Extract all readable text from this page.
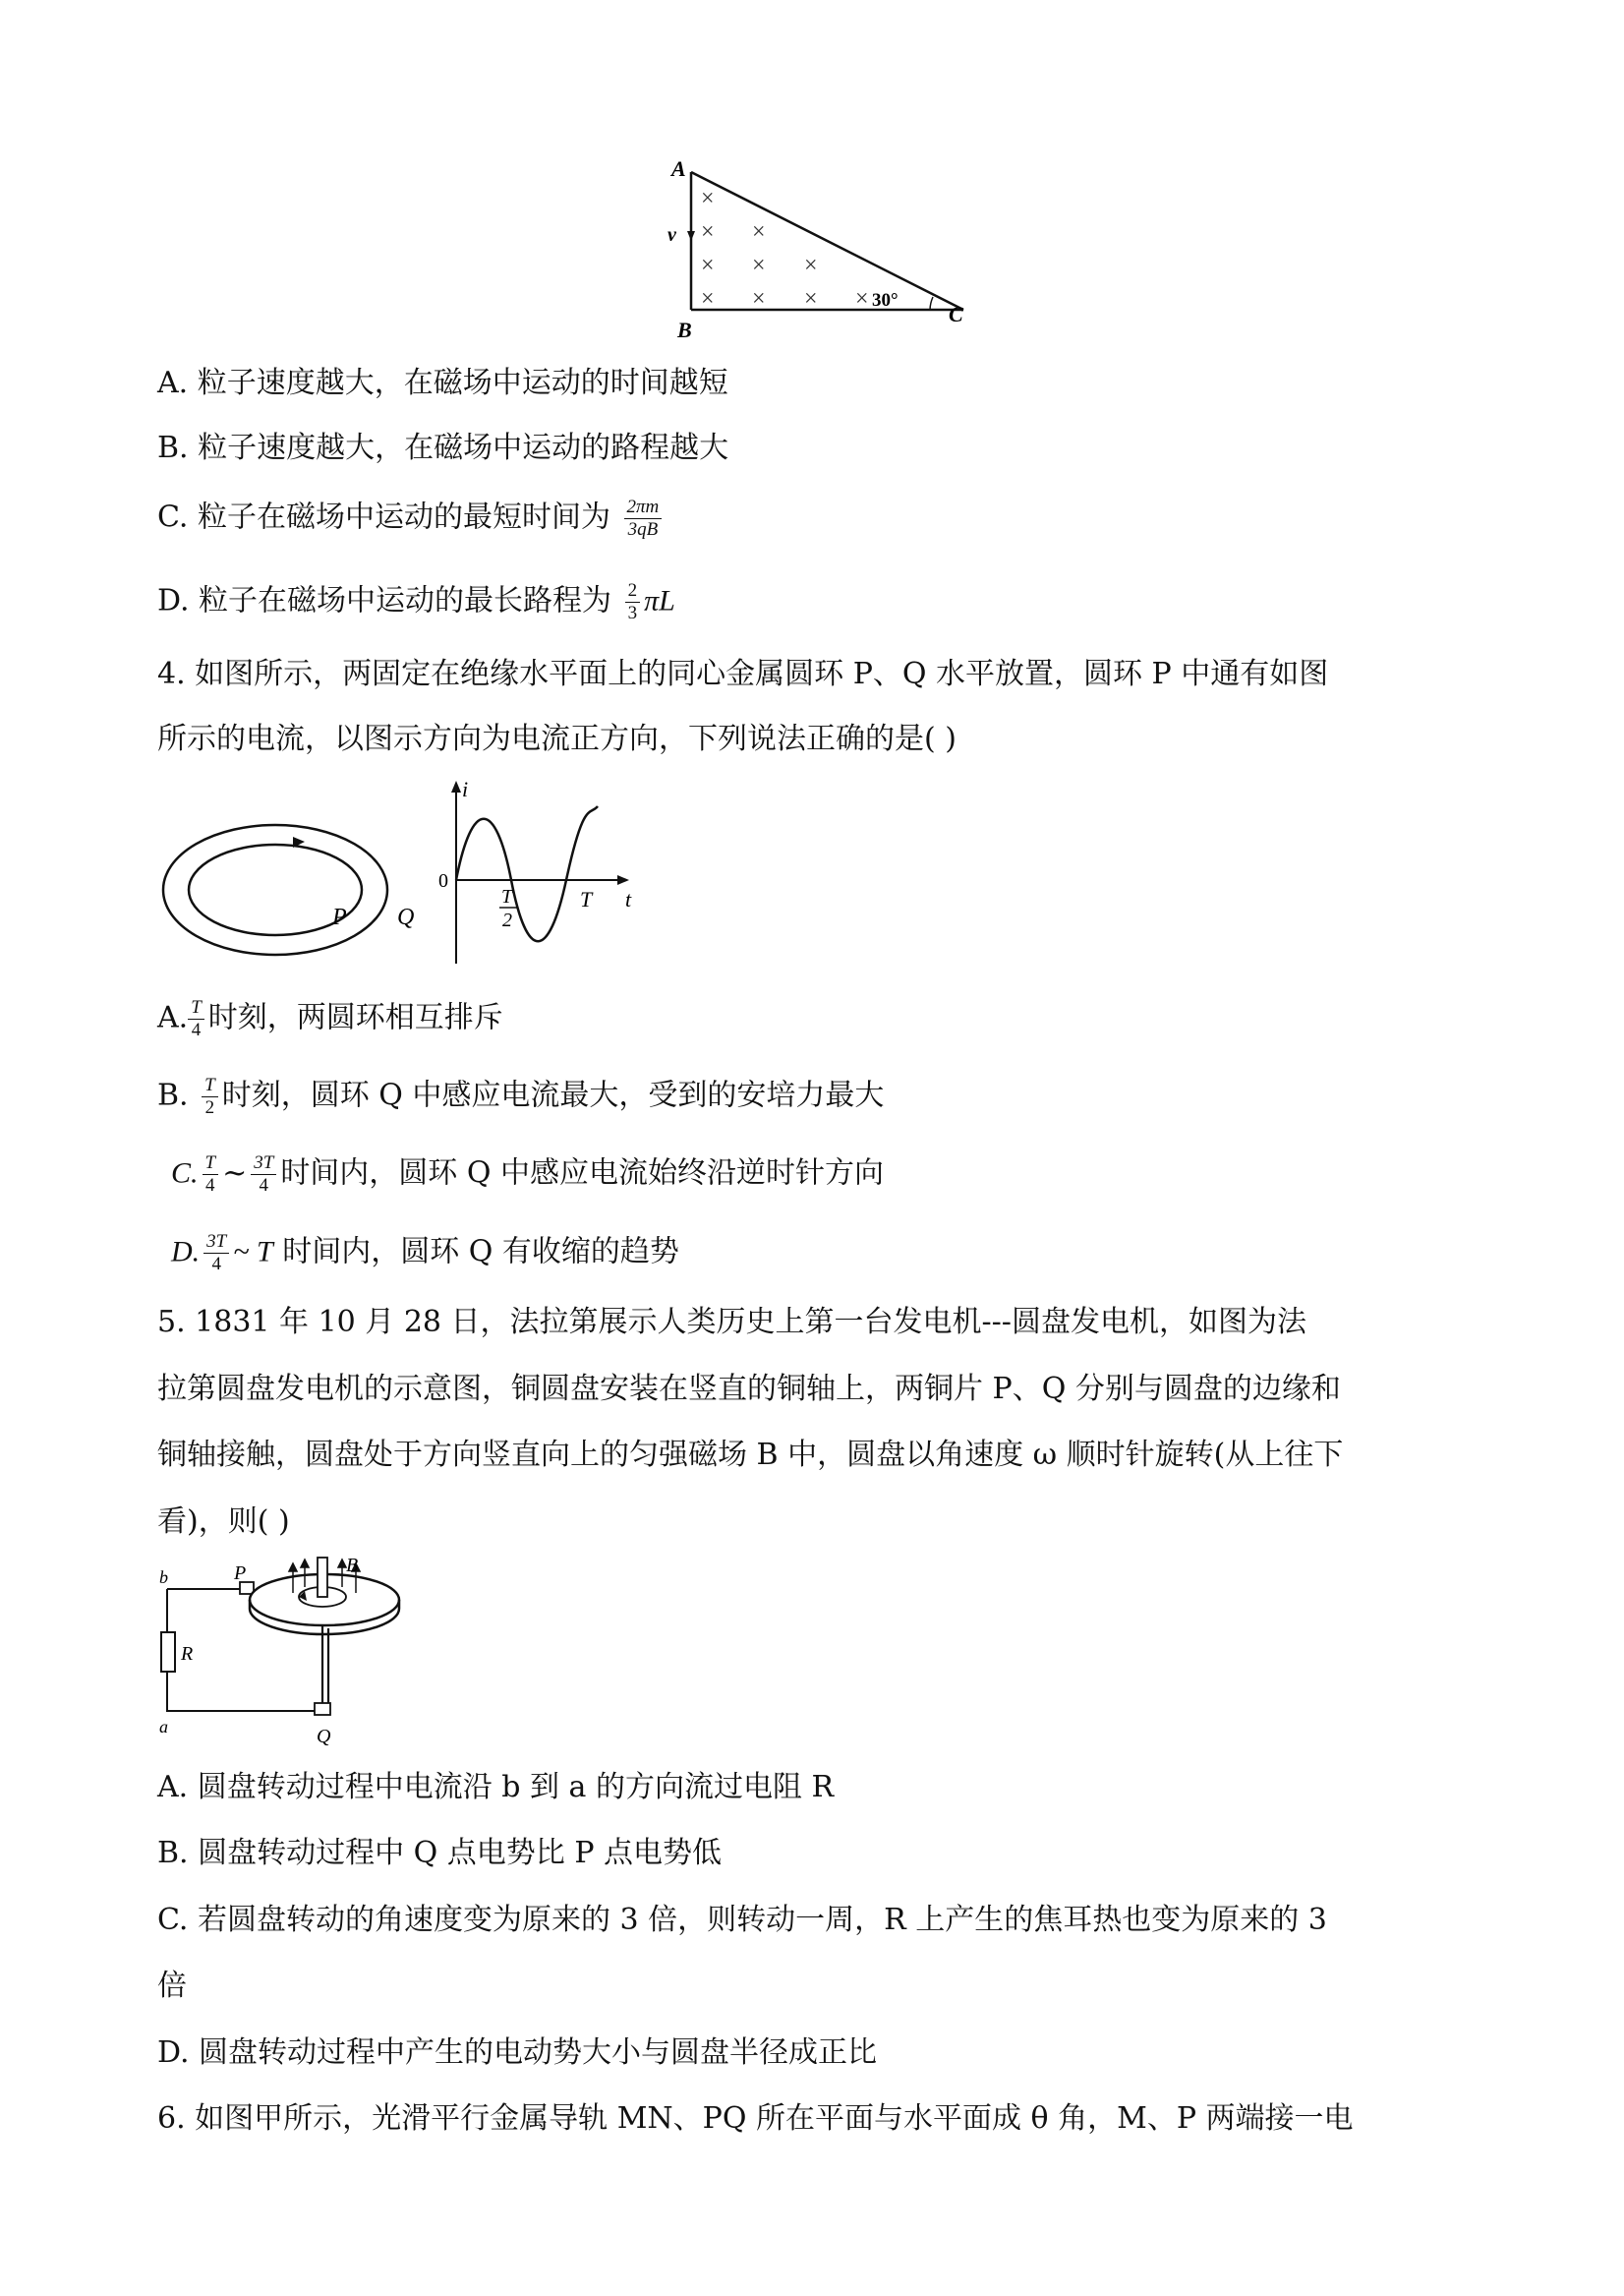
A
B
C
v
30°
×
× ×
× × ×
× × × ×
A. 粒子速度越大，在磁场中运动的时间越短
B. 粒子速度越大，在磁场中运动的路程越大
C. 粒子在磁场中运动的最短时间为 $\frac{2\pi m}{3qB}$
D. 粒子在磁场中运动的最长路程为 $\frac{2}{3}$ πL
4. 如图所示，两固定在绝缘水平面上的同心金属圆环 P、Q 水平放置，圆环 P 中通有如图
所示的电流，以图示方向为电流正方向，下列说法正确的是( )
P Q
i
t
0
T
2
T
A. $\frac{T}{4}$ 时刻，两圆环相互排斥
B. $\frac{T}{2}$ 时刻，圆环 Q 中感应电流最大，受到的安培力最大
C. $\frac{T}{4}$ ~ $\frac{3T}{4}$ 时间内，圆环 Q 中感应电流始终沿逆时针方向
D. $\frac{3T}{4}$ ~ T 时间内，圆环 Q 有收缩的趋势
5. 1831 年 10 月 28 日，法拉第展示人类历史上第一台发电机---圆盘发电机，如图为法
拉第圆盘发电机的示意图，铜圆盘安装在竖直的铜轴上，两铜片 P、Q 分别与圆盘的边缘和
铜轴接触，圆盘处于方向竖直向上的匀强磁场 B 中，圆盘以角速度 ω 顺时针旋转(从上往下
看)，则( )
B
P
Q
R
b
a
A. 圆盘转动过程中电流沿 b 到 a 的方向流过电阻 R
B. 圆盘转动过程中 Q 点电势比 P 点电势低
C. 若圆盘转动的角速度变为原来的 3 倍，则转动一周，R 上产生的焦耳热也变为原来的 3
倍
D. 圆盘转动过程中产生的电动势大小与圆盘半径成正比
6. 如图甲所示，光滑平行金属导轨 MN、PQ 所在平面与水平面成 θ 角，M、P 两端接一电
